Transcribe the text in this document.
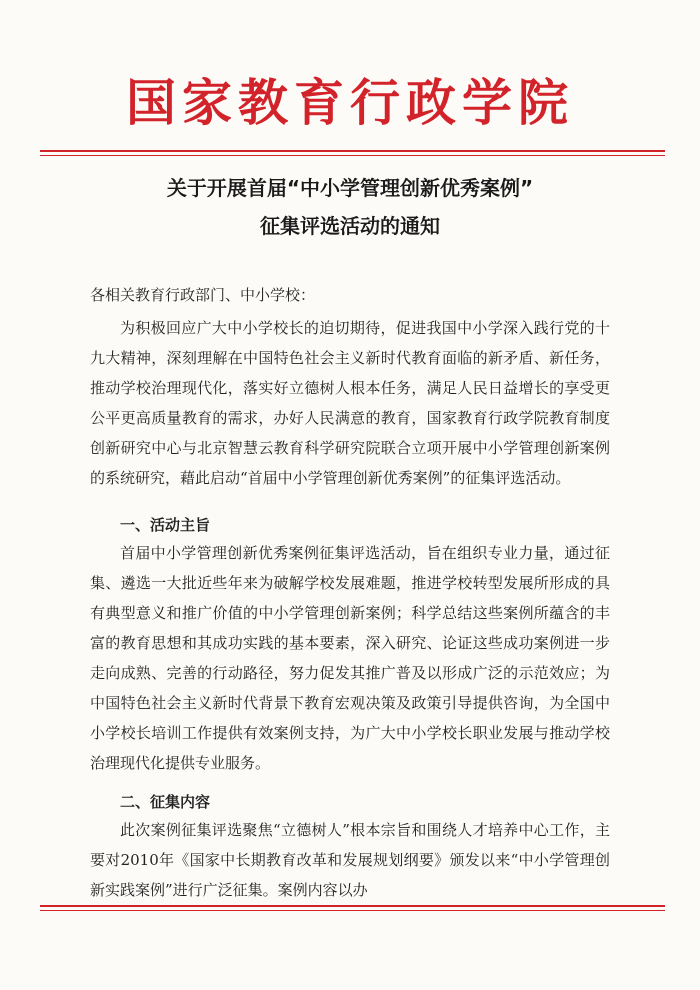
国家教育行政学院
关于开展首届“中小学管理创新优秀案例”
征集评选活动的通知
各相关教育行政部门、中小学校：

为积极回应广大中小学校长的迫切期待，促进我国中小学深入践行党的十九大精神，深刻理解在中国特色社会主义新时代教育面临的新矛盾、新任务，推动学校治理现代化，落实好立德树人根本任务，满足人民日益增长的享受更公平更高质量教育的需求，办好人民满意的教育，国家教育行政学院教育制度创新研究中心与北京智慧云教育科学研究院联合立项开展中小学管理创新案例的系统研究，藉此启动“首届中小学管理创新优秀案例”的征集评选活动。

一、活动主旨

首届中小学管理创新优秀案例征集评选活动，旨在组织专业力量，通过征集、遴选一大批近些年来为破解学校发展难题，推进学校转型发展所形成的具有典型意义和推广价值的中小学管理创新案例；科学总结这些案例所蕴含的丰富的教育思想和其成功实践的基本要素，深入研究、论证这些成功案例进一步走向成熟、完善的行动路径，努力促发其推广普及以形成广泛的示范效应；为中国特色社会主义新时代背景下教育宏观决策及政策引导提供咨询，为全国中小学校长培训工作提供有效案例支持，为广大中小学校长职业发展与推动学校治理现代化提供专业服务。

二、征集内容

此次案例征集评选聚焦“立德树人”根本宗旨和围绕人才培养中心工作，主要对2010年《国家中长期教育改革和发展规划纲要》颁发以来“中小学管理创新实践案例”进行广泛征集。案例内容以办
